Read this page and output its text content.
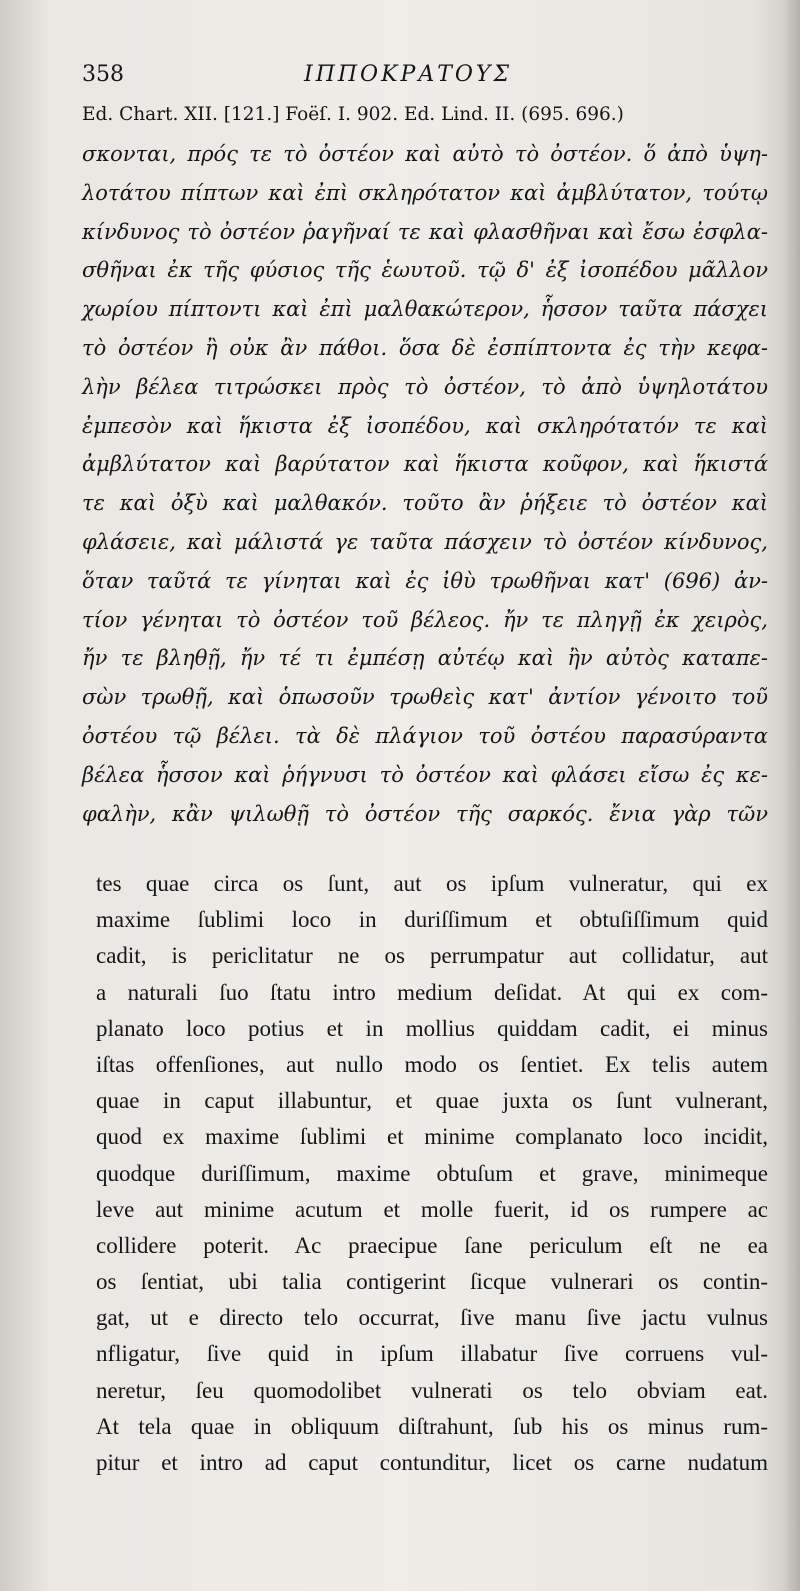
358	ΙΠΠΟΚΡΑΤΟΥΣ
Ed. Chart. XII. [121.] Foëſ. I. 902. Ed. Lind. II. (695. 696.)
σκονται, πρός τε τὸ ὀστέον καὶ αὐτὸ τὸ ὀστέον. ὅ ἀπὸ ὑψη-
λοτάτου πίπτων καὶ ἐπὶ σκληρότατον καὶ ἀμβλύτατον, τούτῳ
κίνδυνος τὸ ὀστέον ῥαγῆναί τε καὶ φλασθῆναι καὶ ἔσω ἐσφλα-
σθῆναι ἐκ τῆς φύσιος τῆς ἑωυτοῦ. τῷ δ' ἐξ ἰσοπέδου μᾶλλον
χωρίου πίπτοντι καὶ ἐπὶ μαλθακώτερον, ἧσσον ταῦτα πάσχει
τὸ ὀστέον ἢ οὐκ ἂν πάθοι. ὅσα δὲ ἐσπίπτοντα ἐς τὴν κεφα-
λὴν βέλεα τιτρώσκει πρὸς τὸ ὀστέον, τὸ ἀπὸ ὑψηλοτάτου
ἐμπεσὸν καὶ ἥκιστα ἐξ ἰσοπέδου, καὶ σκληρότατόν τε καὶ
ἀμβλύτατον καὶ βαρύτατον καὶ ἥκιστα κοῦφον, καὶ ἥκιστά
τε καὶ ὀξὺ καὶ μαλθακόν. τοῦτο ἂν ῥήξειε τὸ ὀστέον καὶ
φλάσειε, καὶ μάλιστά γε ταῦτα πάσχειν τὸ ὀστέον κίνδυνος,
ὅταν ταῦτά τε γίνηται καὶ ἐς ἰθὺ τρωθῆναι κατ' (696) ἀν-
τίον γένηται τὸ ὀστέον τοῦ βέλεος. ἤν τε πληγῇ ἐκ χειρὸς,
ἤν τε βληθῇ, ἤν τέ τι ἐμπέσῃ αὐτέῳ καὶ ἢν αὐτὸς καταπε-
σὼν τρωθῇ, καὶ ὁπωσοῦν τρωθεὶς κατ' ἀντίον γένοιτο τοῦ
ὀστέου τῷ βέλει. τὰ δὲ πλάγιον τοῦ ὀστέου παρασύραντα
βέλεα ἧσσον καὶ ῥήγνυσι τὸ ὀστέον καὶ φλάσει εἴσω ἐς κε-
φαλὴν, κἂν ψιλωθῇ τὸ ὀστέον τῆς σαρκός. ἔνια γὰρ τῶν
tes quae circa os ſunt, aut os ipſum vulneratur, qui ex
maxime ſublimi loco in duriſſimum et obtuſiſſimum quid
cadit, is periclitatur ne os perrumpatur aut collidatur, aut
a naturali ſuo ſtatu intro medium deſidat. At qui ex com-
planato loco potius et in mollius quiddam cadit, ei minus
iſtas offenſiones, aut nullo modo os ſentiet. Ex telis autem
quae in caput illabuntur, et quae juxta os ſunt vulnerant,
quod ex maxime ſublimi et minime complanato loco incidit,
quodque duriſſimum, maxime obtuſum et grave, minimeque
leve aut minime acutum et molle fuerit, id os rumpere ac
collidere poterit. Ac praecipue ſane periculum eſt ne ea
os ſentiat, ubi talia contigerint ſicque vulnerari os contin-
gat, ut e directo telo occurrat, ſive manu ſive jactu vulnus
nfligatur, ſive quid in ipſum illabatur ſive corruens vul-
neretur, ſeu quomodolibet vulnerati os telo obviam eat.
At tela quae in obliquum diſtrahunt, ſub his os minus rum-
pitur et intro ad caput contunditur, licet os carne nudatum
